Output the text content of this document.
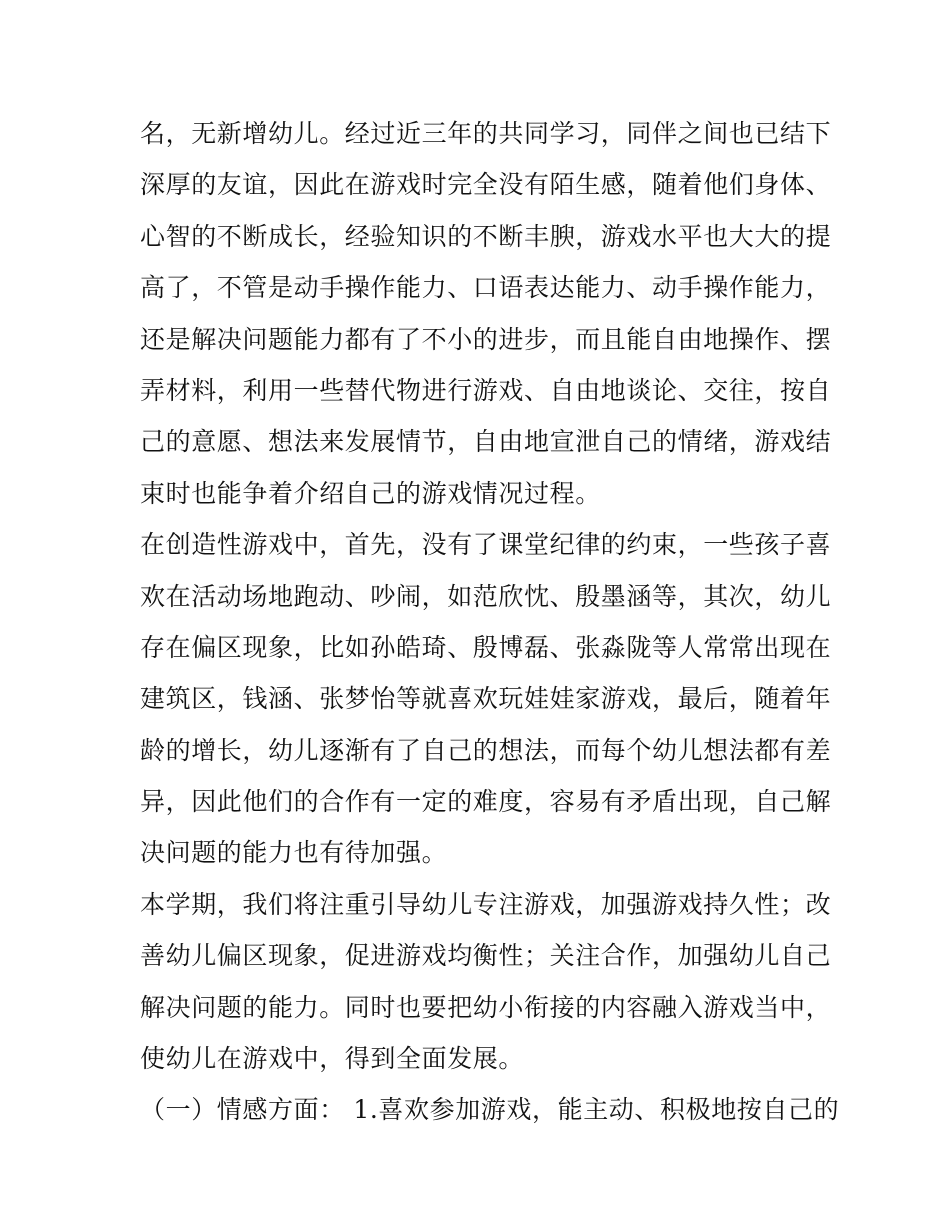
名，无新增幼儿。经过近三年的共同学习，同伴之间也已结下
深厚的友谊，因此在游戏时完全没有陌生感，随着他们身体、
心智的不断成长，经验知识的不断丰腴，游戏水平也大大的提
高了，不管是动手操作能力、口语表达能力、动手操作能力，
还是解决问题能力都有了不小的进步，而且能自由地操作、摆
弄材料，利用一些替代物进行游戏、自由地谈论、交往，按自
己的意愿、想法来发展情节，自由地宣泄自己的情绪，游戏结
束时也能争着介绍自己的游戏情况过程。
在创造性游戏中，首先，没有了课堂纪律的约束，一些孩子喜
欢在活动场地跑动、吵闹，如范欣忱、殷墨涵等，其次，幼儿
存在偏区现象，比如孙皓琦、殷博磊、张淼陇等人常常出现在
建筑区，钱涵、张梦怡等就喜欢玩娃娃家游戏，最后，随着年
龄的增长，幼儿逐渐有了自己的想法，而每个幼儿想法都有差
异，因此他们的合作有一定的难度，容易有矛盾出现，自己解
决问题的能力也有待加强。
本学期，我们将注重引导幼儿专注游戏，加强游戏持久性；改
善幼儿偏区现象，促进游戏均衡性；关注合作，加强幼儿自己
解决问题的能力。同时也要把幼小衔接的内容融入游戏当中，
使幼儿在游戏中，得到全面发展。
（一）情感方面： 1.喜欢参加游戏，能主动、积极地按自己的
